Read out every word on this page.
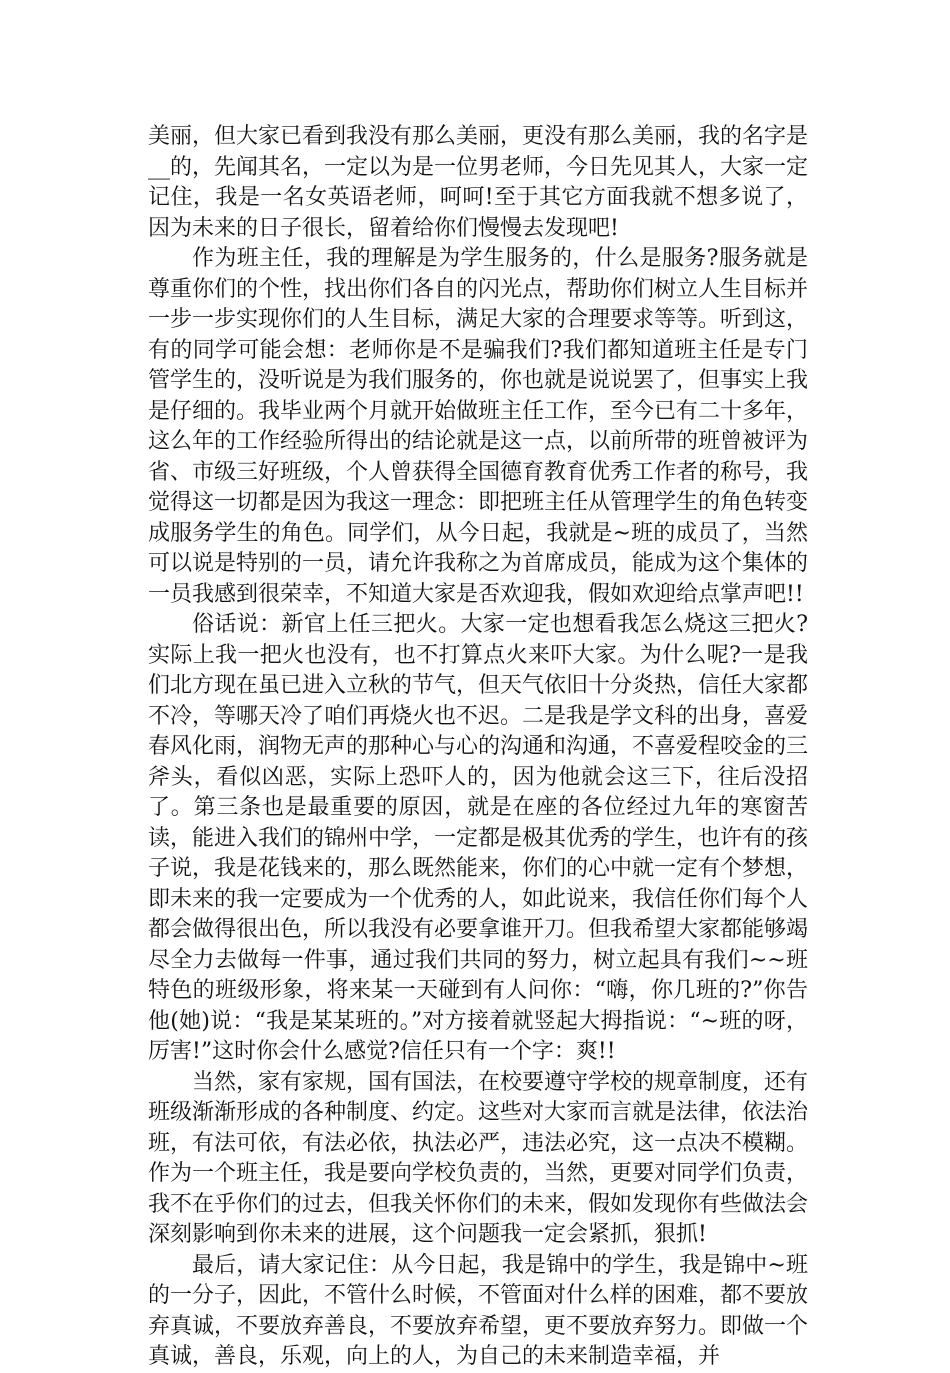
美丽，但大家已看到我没有那么美丽，更没有那么美丽，我的名字是__的，先闻其名，一定以为是一位男老师，今日先见其人，大家一定记住，我是一名女英语老师，呵呵!至于其它方面我就不想多说了，因为未来的日子很长，留着给你们慢慢去发现吧!

作为班主任，我的理解是为学生服务的，什么是服务?服务就是尊重你们的个性，找出你们各自的闪光点，帮助你们树立人生目标并一步一步实现你们的人生目标，满足大家的合理要求等等。听到这，有的同学可能会想：老师你是不是骗我们?我们都知道班主任是专门管学生的，没听说是为我们服务的，你也就是说说罢了，但事实上我是仔细的。我毕业两个月就开始做班主任工作，至今已有二十多年，这么年的工作经验所得出的结论就是这一点，以前所带的班曾被评为省、市级三好班级，个人曾获得全国德育教育优秀工作者的称号，我觉得这一切都是因为我这一理念：即把班主任从管理学生的角色转变成服务学生的角色。同学们，从今日起，我就是~班的成员了，当然可以说是特别的一员，请允许我称之为首席成员，能成为这个集体的一员我感到很荣幸，不知道大家是否欢迎我，假如欢迎给点掌声吧!!

俗话说：新官上任三把火。大家一定也想看我怎么烧这三把火?实际上我一把火也没有，也不打算点火来吓大家。为什么呢?一是我们北方现在虽已进入立秋的节气，但天气依旧十分炎热，信任大家都不冷，等哪天冷了咱们再烧火也不迟。二是我是学文科的出身，喜爱春风化雨，润物无声的那种心与心的沟通和沟通，不喜爱程咬金的三斧头，看似凶恶，实际上恐吓人的，因为他就会这三下，往后没招了。第三条也是最重要的原因，就是在座的各位经过九年的寒窗苦读，能进入我们的锦州中学，一定都是极其优秀的学生，也许有的孩子说，我是花钱来的，那么既然能来，你们的心中就一定有个梦想，即未来的我一定要成为一个优秀的人，如此说来，我信任你们每个人都会做得很出色，所以我没有必要拿谁开刀。但我希望大家都能够竭尽全力去做每一件事，通过我们共同的努力，树立起具有我们~~班特色的班级形象，将来某一天碰到有人问你：“嗨，你几班的?”你告他(她)说：“我是某某班的。”对方接着就竖起大拇指说：“~班的呀，厉害!”这时你会什么感觉?信任只有一个字：爽!!

当然，家有家规，国有国法，在校要遵守学校的规章制度，还有班级渐渐形成的各种制度、约定。这些对大家而言就是法律，依法治班，有法可依，有法必依，执法必严，违法必究，这一点决不模糊。作为一个班主任，我是要向学校负责的，当然，更要对同学们负责，我不在乎你们的过去，但我关怀你们的未来，假如发现你有些做法会深刻影响到你未来的进展，这个问题我一定会紧抓，狠抓!

最后，请大家记住：从今日起，我是锦中的学生，我是锦中~班的一分子，因此，不管什么时候，不管面对什么样的困难，都不要放弃真诚，不要放弃善良，不要放弃希望，更不要放弃努力。即做一个真诚，善良，乐观，向上的人，为自己的未来制造幸福，并
